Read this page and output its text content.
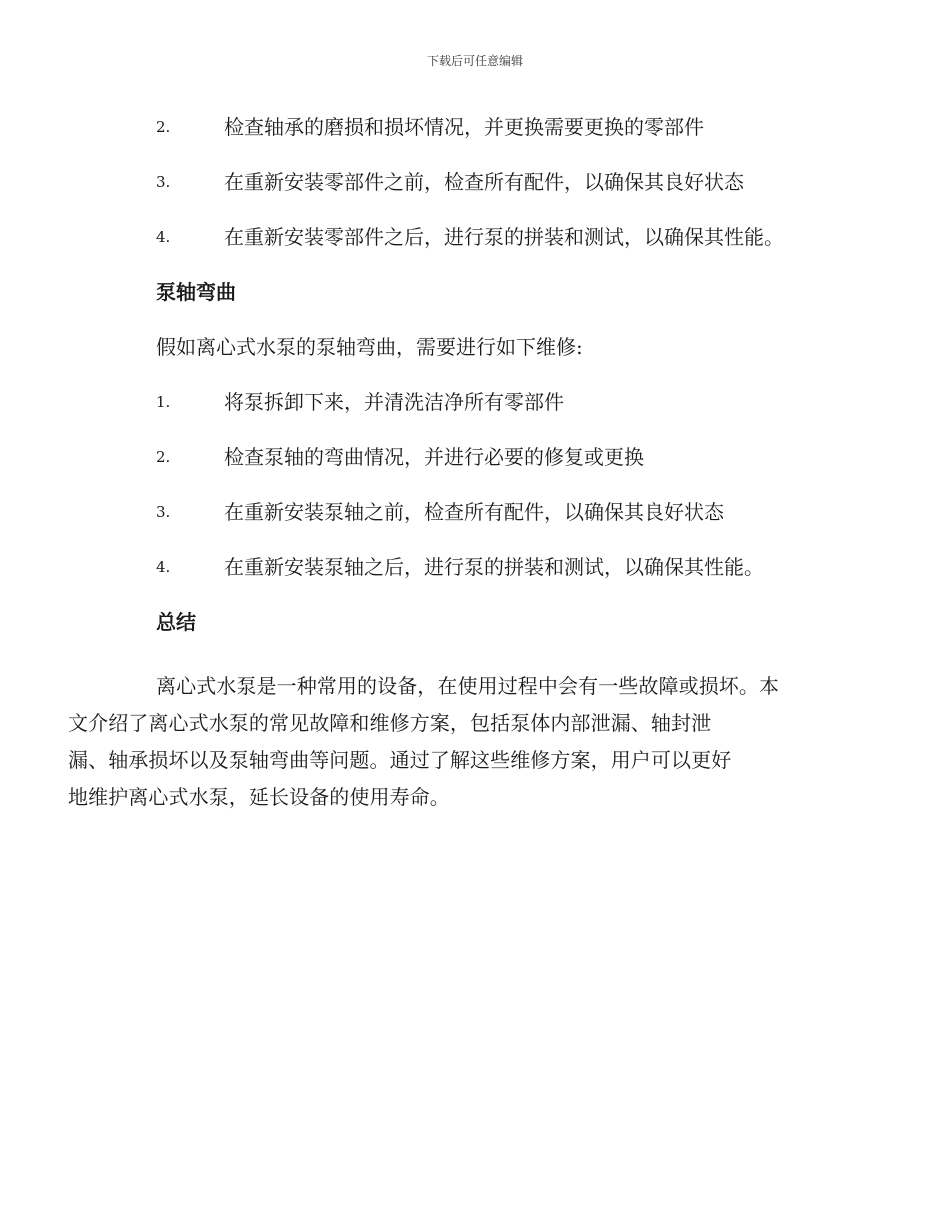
下载后可任意编辑
2.	检查轴承的磨损和损坏情况，并更换需要更换的零部件
3.	在重新安装零部件之前，检查所有配件，以确保其良好状态
4.	在重新安装零部件之后，进行泵的拼装和测试，以确保其性能。
泵轴弯曲
假如离心式水泵的泵轴弯曲，需要进行如下维修:
1.	将泵拆卸下来，并清洗洁净所有零部件
2.	检查泵轴的弯曲情况，并进行必要的修复或更换
3.	在重新安装泵轴之前，检查所有配件，以确保其良好状态
4.	在重新安装泵轴之后，进行泵的拼装和测试，以确保其性能。
总结
离心式水泵是一种常用的设备，在使用过程中会有一些故障或损坏。本
文介绍了离心式水泵的常见故障和维修方案，包括泵体内部泄漏、轴封泄
漏、轴承损坏以及泵轴弯曲等问题。通过了解这些维修方案，用户可以更好
地维护离心式水泵，延长设备的使用寿命。
